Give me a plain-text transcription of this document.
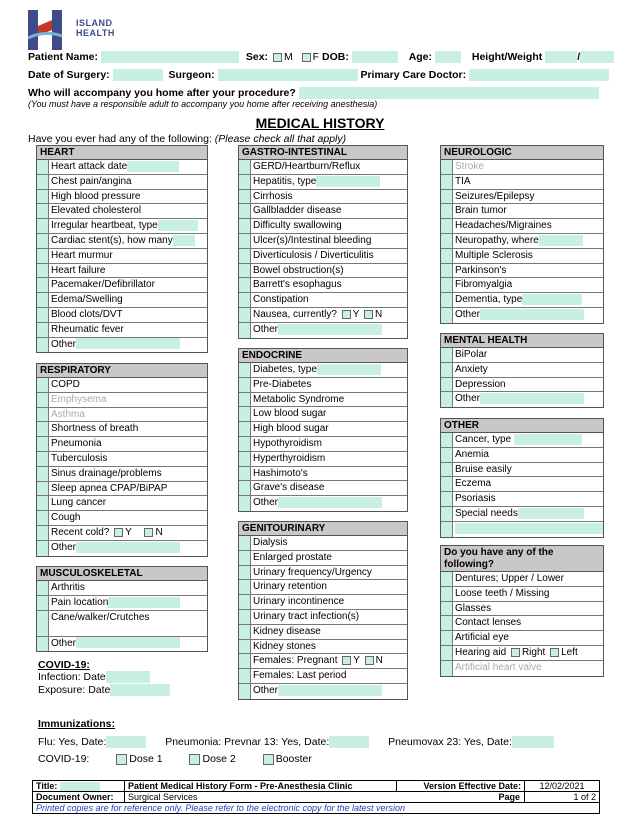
ISLAND
HEALTH
Patient Name:	Sex: M F DOB:	Age:	Height/Weight	/
Date of Surgery:	Surgeon:	Primary Care Doctor:
Who will accompany you home after your procedure?
(You must have a responsible adult to accompany you home after receiving anesthesia)
MEDICAL HISTORY
Have you ever had any of the following: (Please check all that apply)
HEART
Heart attack date
Chest pain/angina
High blood pressure
Elevated cholesterol
Irregular heartbeat, type
Cardiac stent(s), how many
Heart murmur
Heart failure
Pacemaker/Defibrillator
Edema/Swelling
Blood clots/DVT
Rheumatic fever
Other
RESPIRATORY
COPD
Emphysema
Asthma
Shortness of breath
Pneumonia
Tuberculosis
Sinus drainage/problems
Sleep apnea CPAP/BiPAP
Lung cancer
Cough
Recent cold? Y N
Other
MUSCULOSKELETAL
Arthritis
Pain location
Cane/walker/Crutches
Other
COVID-19:
Infection: Date
Exposure: Date
GASTRO-INTESTINAL
GERD/Heartburn/Reflux
Hepatitis, type
Cirrhosis
Gallbladder disease
Difficulty swallowing
Ulcer(s)/Intestinal bleeding
Diverticulosis / Diverticulitis
Bowel obstruction(s)
Barrett's esophagus
Constipation
Nausea, currently? Y N
Other
ENDOCRINE
Diabetes, type
Pre-Diabetes
Metabolic Syndrome
Low blood sugar
High blood sugar
Hypothyroidism
Hyperthyroidism
Hashimoto's
Grave's disease
Other
GENITOURINARY
Dialysis
Enlarged prostate
Urinary frequency/Urgency
Urinary retention
Urinary incontinence
Urinary tract infection(s)
Kidney disease
Kidney stones
Females: Pregnant Y N
Females: Last period
Other
NEUROLOGIC
Stroke
TIA
Seizures/Epilepsy
Brain tumor
Headaches/Migraines
Neuropathy, where
Multiple Sclerosis
Parkinson's
Fibromyalgia
Dementia, type
Other
MENTAL HEALTH
BiPolar
Anxiety
Depression
Other
OTHER
Cancer, type
Anemia
Bruise easily
Eczema
Psoriasis
Special needs
Do you have any of the following?
Dentures; Upper / Lower
Loose teeth / Missing
Glasses
Contact lenses
Artificial eye
Hearing aid Right Left
Artificial heart valve
Immunizations:
Flu: Yes, Date:	Pneumonia: Prevnar 13: Yes, Date:	Pneumovax 23: Yes, Date:
COVID-19:	Dose 1	Dose 2	Booster
Title:	Patient Medical History Form - Pre-Anesthesia Clinic	Version Effective Date:	12/02/2021
Document Owner:	Surgical Services Page		1 of 2
Printed copies are for reference only. Please refer to the electronic copy for the latest version			
